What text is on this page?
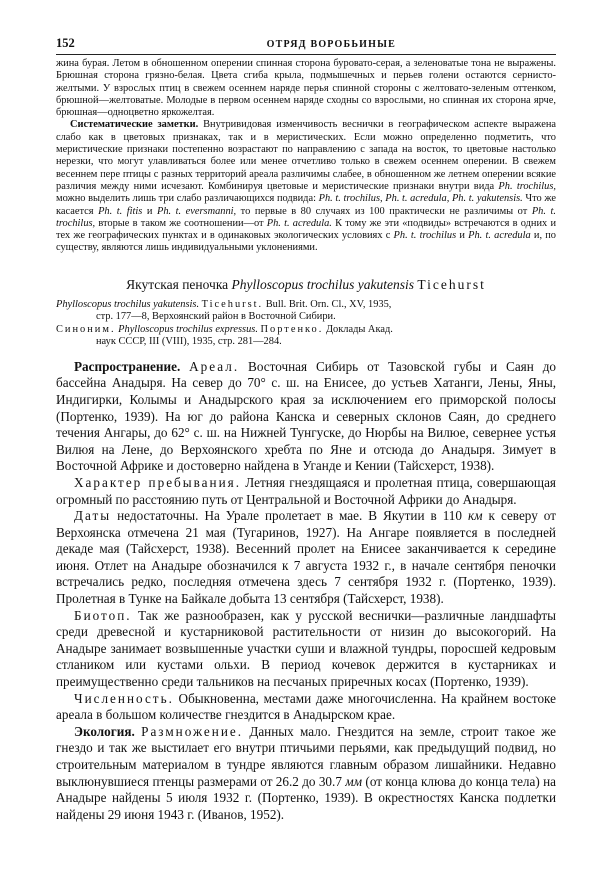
152	ОТРЯД ВОРОБЬИНЫЕ

жина бурая. Летом в обношенном оперении спинная сторона буровато-серая, а зеленоватые тона не выражены. Брюшная сторона грязно-белая. Цвета сгиба крыла, подмышечных и перьев голени остаются сернисто-желтыми. У взрослых птиц в свежем осеннем наряде перья спинной стороны с желтовато-зеленым оттенком, брюшной—желтоватые. Молодые в первом осеннем наряде сходны со взрослыми, но спинная их сторона ярче, брюшная—однoцветно яркожелтая.

Систематические заметки. Внутривидовая изменчивость веснички в географическом аспекте выражена слабо как в цветовых признаках, так и в меристических. Если можно определенно подметить, что меристические признаки постепенно возрастают по направлению с запада на восток, то цветовые настолько нерезки, что могут улавливаться более или менее отчетливо только в свежем осеннем оперении. В свежем весеннем пере птицы с разных территорий ареала различимы слабее, в обношенном же летнем оперении всякие различия между ними исчезают. Комбинируя цветовые и меристические признаки внутри вида Ph. trochilus, можно выделить лишь три слабо различающихся подвида: Ph. t. trochilus, Ph. t. acredula, Ph. t. yakutensis. Что же касается Ph. t. fitis и Ph. t. eversmanni, то первые в 80 случаях из 100 практически не различимы от Ph. t. trochilus, вторые в таком же соотношении—от Ph. t. acredula. К тому же эти «подвиды» встречаются в одних и тех же географических пунктах и в одинаковых экологических условиях с Ph. t. trochilus и Ph. t. acredula и, по существу, являются лишь индивидуальными уклонениями.

Якутская пеночка Phylloscopus trochilus yakutensis Ticehurst

Phylloscopus trochilus yakutensis. Ticehurst. Bull. Brit. Orn. Cl., XV, 1935,
стр. 177—8, Верхоянский район в Восточной Сибири.

Синоним. Phylloscopus trochilus expressus. Портенко. Доклады Акад.
наук СССР, III (VIII), 1935, стр. 281—284.

Распространение. Ареал. Восточная Сибирь от Тазовской губы и Саян до бассейна Анадыря. На север до 70° с. ш. на Енисее, до устьев Хатанги, Лены, Яны, Индигирки, Колымы и Анадырского края за исключением его приморской полосы (Портенко, 1939). На юг до района Канска и северных склонов Саян, до среднего течения Ангары, до 62° с. ш. на Нижней Тунгуске, до Нюрбы на Вилюе, севернее устья Вилюя на Лене, до Верхоянского хребта по Яне и отсюда до Анадыря. Зимует в Восточной Африке и достоверно найдена в Уганде и Кении (Тайсхерст, 1938).

Характер пребывания. Летняя гнездящаяся и пролетная птица, совершающая огромный по расстоянию путь от Центральной и Восточной Африки до Анадыря.

Даты недостаточны. На Урале пролетает в мае. В Якутии в 110 км к северу от Верхоянска отмечена 21 мая (Тугаринов, 1927). На Ангаре появляется в последней декаде мая (Тайсхерст, 1938). Весенний пролет на Енисее заканчивается к середине июня. Отлет на Анадыре обозначился к 7 августа 1932 г., в начале сентября пеночки встречались редко, последняя отмечена здесь 7 сентября 1932 г. (Портенко, 1939). Пролетная в Тунке на Байкале добыта 13 сентября (Тайсхерст, 1938).

Биотоп. Так же разнообразен, как у русской веснички—различные ландшафты среди древесной и кустарниковой растительности от низин до высокогорий. На Анадыре занимает возвышенные участки суши и влажной тундры, поросшей кедровым стлаником или кустами ольхи. В период кочевок держится в кустарниках и преимущественно среди тальников на песчаных приречных косах (Портенко, 1939).

Численность. Обыкновенна, местами даже многочисленна. На крайнем востоке ареала в большом количестве гнездится в Анадырском крае.

Экология. Размножение. Данных мало. Гнездится на земле, строит такое же гнездо и так же выстилает его внутри птичьими перьями, как предыдущий подвид, но строительным материалом в тундре являются главным образом лишайники. Недавно выклюнувшиеся птенцы размерами от 26.2 до 30.7 мм (от конца клюва до конца тела) на Анадыре найдены 5 июля 1932 г. (Портенко, 1939). В окрестностях Канска подлетки найдены 29 июня 1943 г. (Иванов, 1952).
